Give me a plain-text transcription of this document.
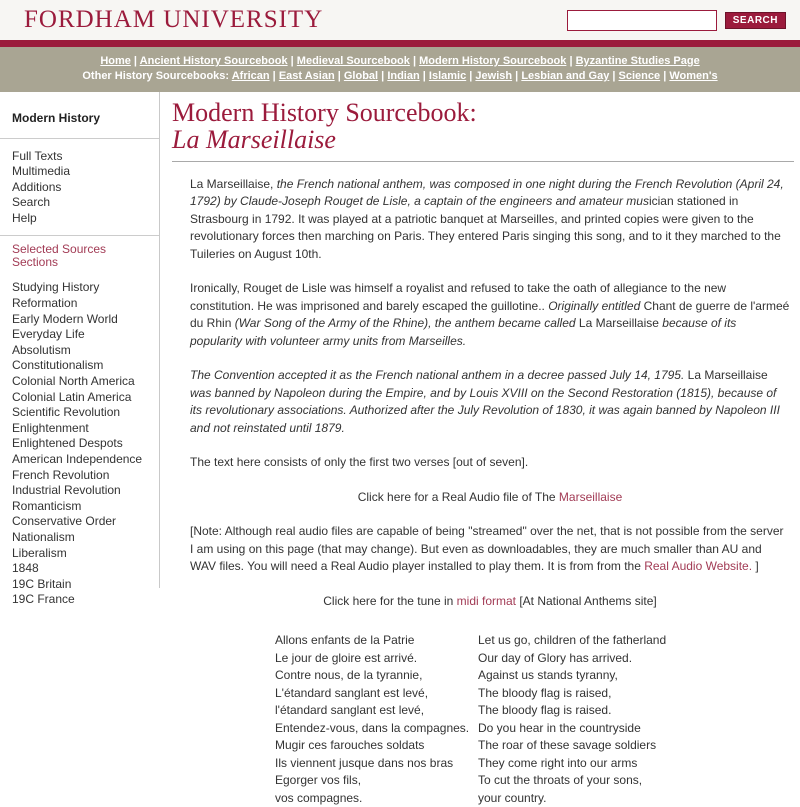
FORDHAM UNIVERSITY	SEARCH
Home | Ancient History Sourcebook | Medieval Sourcebook | Modern History Sourcebook | Byzantine Studies Page
Other History Sourcebooks: African | East Asian | Global | Indian | Islamic | Jewish | Lesbian and Gay | Science | Women's
Modern History
Full Texts
Multimedia
Additions
Search
Help
Selected Sources Sections
Studying History
Reformation
Early Modern World
Everyday Life
Absolutism
Constitutionalism
Colonial North America
Colonial Latin America
Scientific Revolution
Enlightenment
Enlightened Despots
American Independence
French Revolution
Industrial Revolution
Romanticism
Conservative Order
Nationalism
Liberalism
1848
19C Britain
19C France
Modern History Sourcebook:
La Marseillaise

La Marseillaise, the French national anthem, was composed in one night during the French Revolution (April 24, 1792) by Claude-Joseph Rouget de Lisle, a captain of the engineers and amateur musician stationed in Strasbourg in 1792. It was played at a patriotic banquet at Marseilles, and printed copies were given to the revolutionary forces then marching on Paris. They entered Paris singing this song, and to it they marched to the Tuileries on August 10th.

Ironically, Rouget de Lisle was himself a royalist and refused to take the oath of allegiance to the new constitution. He was imprisoned and barely escaped the guillotine.. Originally entitled Chant de guerre de l'armeé du Rhin (War Song of the Army of the Rhine), the anthem became called La Marseillaise because of its popularity with volunteer army units from Marseilles.

The Convention accepted it as the French national anthem in a decree passed July 14, 1795. La Marseillaise was banned by Napoleon during the Empire, and by Louis XVIII on the Second Restoration (1815), because of its revolutionary associations. Authorized after the July Revolution of 1830, it was again banned by Napoleon III and not reinstated until 1879.

The text here consists of only the first two verses [out of seven].

Click here for a Real Audio file of The Marseillaise

[Note: Although real audio files are capable of being "streamed" over the net, that is not possible from the server I am using on this page (that may change). But even as downloadables, they are much smaller than AU and WAV files. You will need a Real Audio player installed to play them. It is from from the Real Audio Website. ]

Click here for the tune in midi format [At National Anthems site]

Allons enfants de la Patrie
Le jour de gloire est arrivé.
Contre nous, de la tyrannie,
L'étandard sanglant est levé,
l'étandard sanglant est levé,
Entendez-vous, dans la compagnes.
Mugir ces farouches soldats
Ils viennent jusque dans nos bras
Egorger vos fils,
vos compagnes.
Let us go, children of the fatherland
Our day of Glory has arrived.
Against us stands tyranny,
The bloody flag is raised,
The bloody flag is raised.
Do you hear in the countryside
The roar of these savage soldiers
They come right into our arms
To cut the throats of your sons,
your country.
